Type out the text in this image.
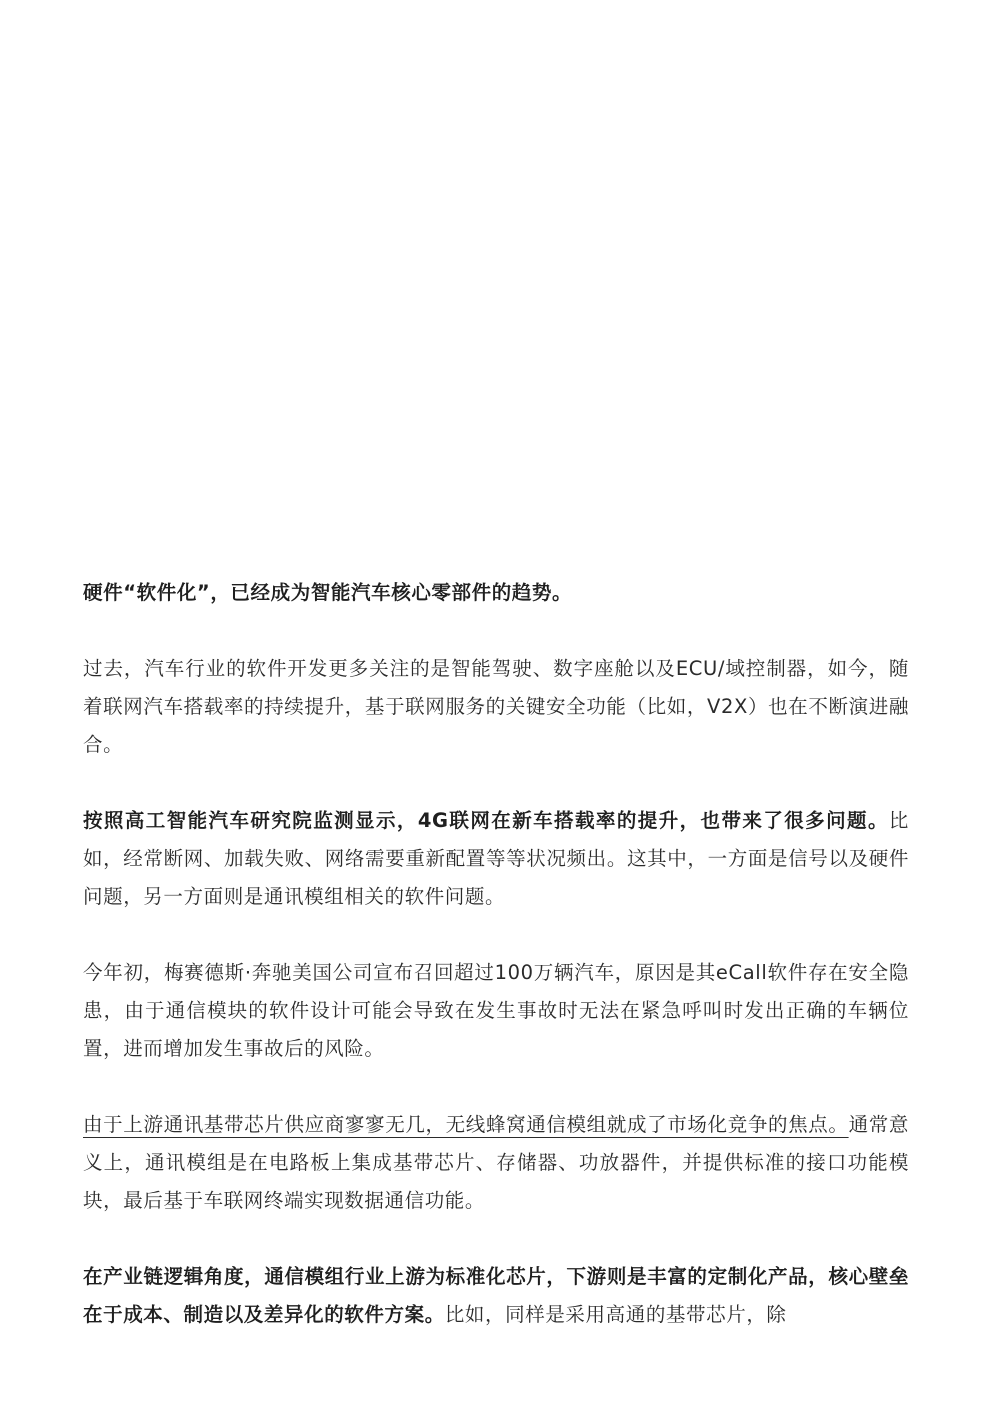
硬件“软件化”，已经成为智能汽车核心零部件的趋势。

过去，汽车行业的软件开发更多关注的是智能驾驶、数字座舱以及ECU/域控制器，如今，随着联网汽车搭载率的持续提升，基于联网服务的关键安全功能（比如，V2X）也在不断演进融合。

按照高工智能汽车研究院监测显示，4G联网在新车搭载率的提升，也带来了很多问题。比如，经常断网、加载失败、网络需要重新配置等等状况频出。这其中，一方面是信号以及硬件问题，另一方面则是通讯模组相关的软件问题。

今年初，梅赛德斯·奔驰美国公司宣布召回超过100万辆汽车，原因是其eCall软件存在安全隐患，由于通信模块的软件设计可能会导致在发生事故时无法在紧急呼叫时发出正确的车辆位置，进而增加发生事故后的风险。

由于上游通讯基带芯片供应商寥寥无几，无线蜂窝通信模组就成了市场化竞争的焦点。通常意义上，通讯模组是在电路板上集成基带芯片、存储器、功放器件，并提供标准的接口功能模块，最后基于车联网终端实现数据通信功能。

在产业链逻辑角度，通信模组行业上游为标准化芯片，下游则是丰富的定制化产品，核心壁垒在于成本、制造以及差异化的软件方案。比如，同样是采用高通的基带芯片，除
